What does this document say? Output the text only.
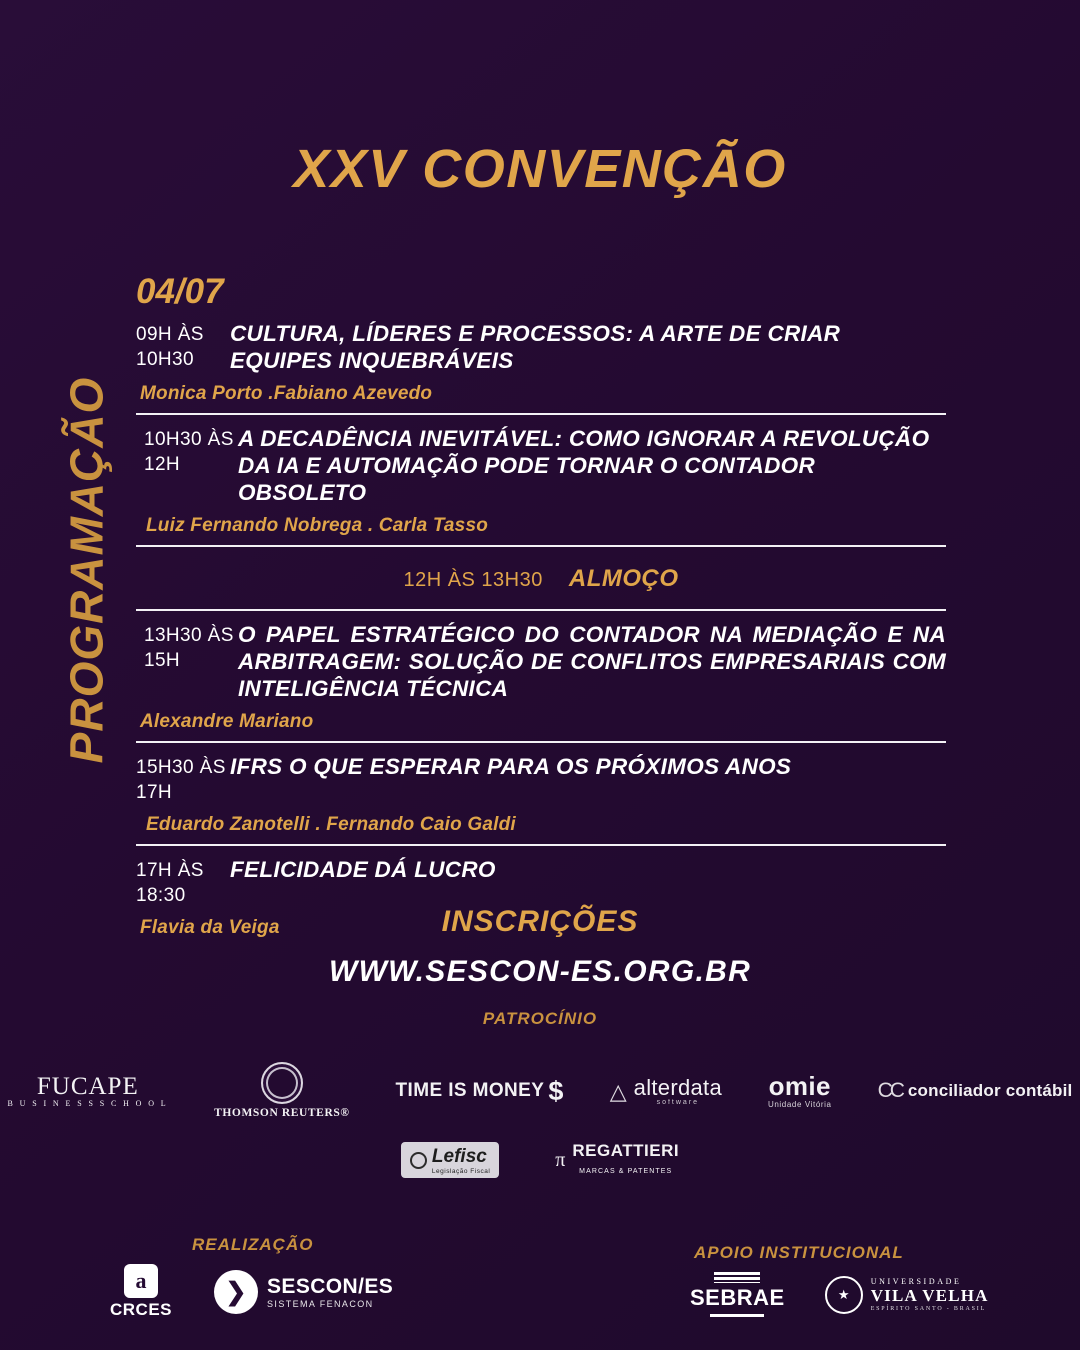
XXV CONVENÇÃO
PROGRAMAÇÃO
04/07
09H ÀS 10H30
CULTURA, LÍDERES E PROCESSOS: A ARTE DE CRIAR EQUIPES INQUEBRÁVEIS
Monica Porto .Fabiano Azevedo
10H30 ÀS 12H
A DECADÊNCIA INEVITÁVEL: COMO IGNORAR A REVOLUÇÃO DA IA E AUTOMAÇÃO PODE TORNAR O CONTADOR OBSOLETO
Luiz Fernando Nobrega . Carla Tasso
12H ÀS 13H30 ALMOÇO
13H30 ÀS 15H
O PAPEL ESTRATÉGICO DO CONTADOR NA MEDIAÇÃO E NA ARBITRAGEM: SOLUÇÃO DE CONFLITOS EMPRESARIAIS COM INTELIGÊNCIA TÉCNICA
Alexandre Mariano
15H30 ÀS 17H
IFRS O QUE ESPERAR PARA OS PRÓXIMOS ANOS
Eduardo Zanotelli . Fernando Caio Galdi
17H ÀS 18:30
FELICIDADE DÁ LUCRO
Flavia da Veiga	INSCRIÇÕES
WWW.SESCON-ES.ORG.BR
PATROCÍNIO
FUCAPE
B U S I N E S S S C H O O L
THOMSON REUTERS®
TIME IS MONEY $ △ alterdata
software
omie
Unidade Vitória
CC conciliador contábil
Lefisc
Legislação Fiscal
π REGATTIERI
MARCAS & PATENTES
REALIZAÇÃO	APOIO INSTITUCIONAL
a
CRCES
❯ SESCON/ES
SISTEMA FENACON	SEBRAE	★
UNIVERSIDADE
VILA VELHA
ESPÍRITO SANTO - BRASIL
